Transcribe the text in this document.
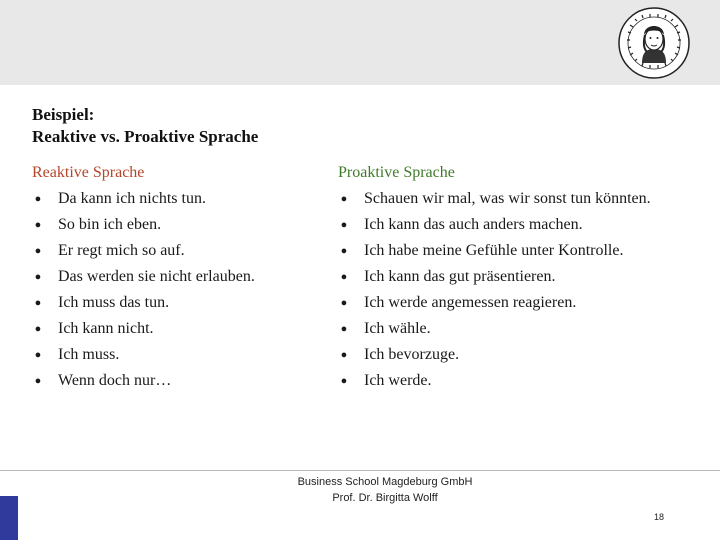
Beispiel:
Reaktive vs. Proaktive Sprache
Reaktive Sprache
● Da kann ich nichts tun.
● So bin ich eben.
● Er regt mich so auf.
● Das werden sie nicht erlauben.
● Ich muss das tun.
● Ich kann nicht.
● Ich muss.
● Wenn doch nur…
Proaktive Sprache
● Schauen wir mal, was wir sonst tun könnten.
● Ich kann das auch anders machen.
● Ich habe meine Gefühle unter Kontrolle.
● Ich kann das gut präsentieren.
● Ich werde angemessen reagieren.
● Ich wähle.
● Ich bevorzuge.
● Ich werde.
Business School Magdeburg GmbH
Prof. Dr. Birgitta Wolff
18
